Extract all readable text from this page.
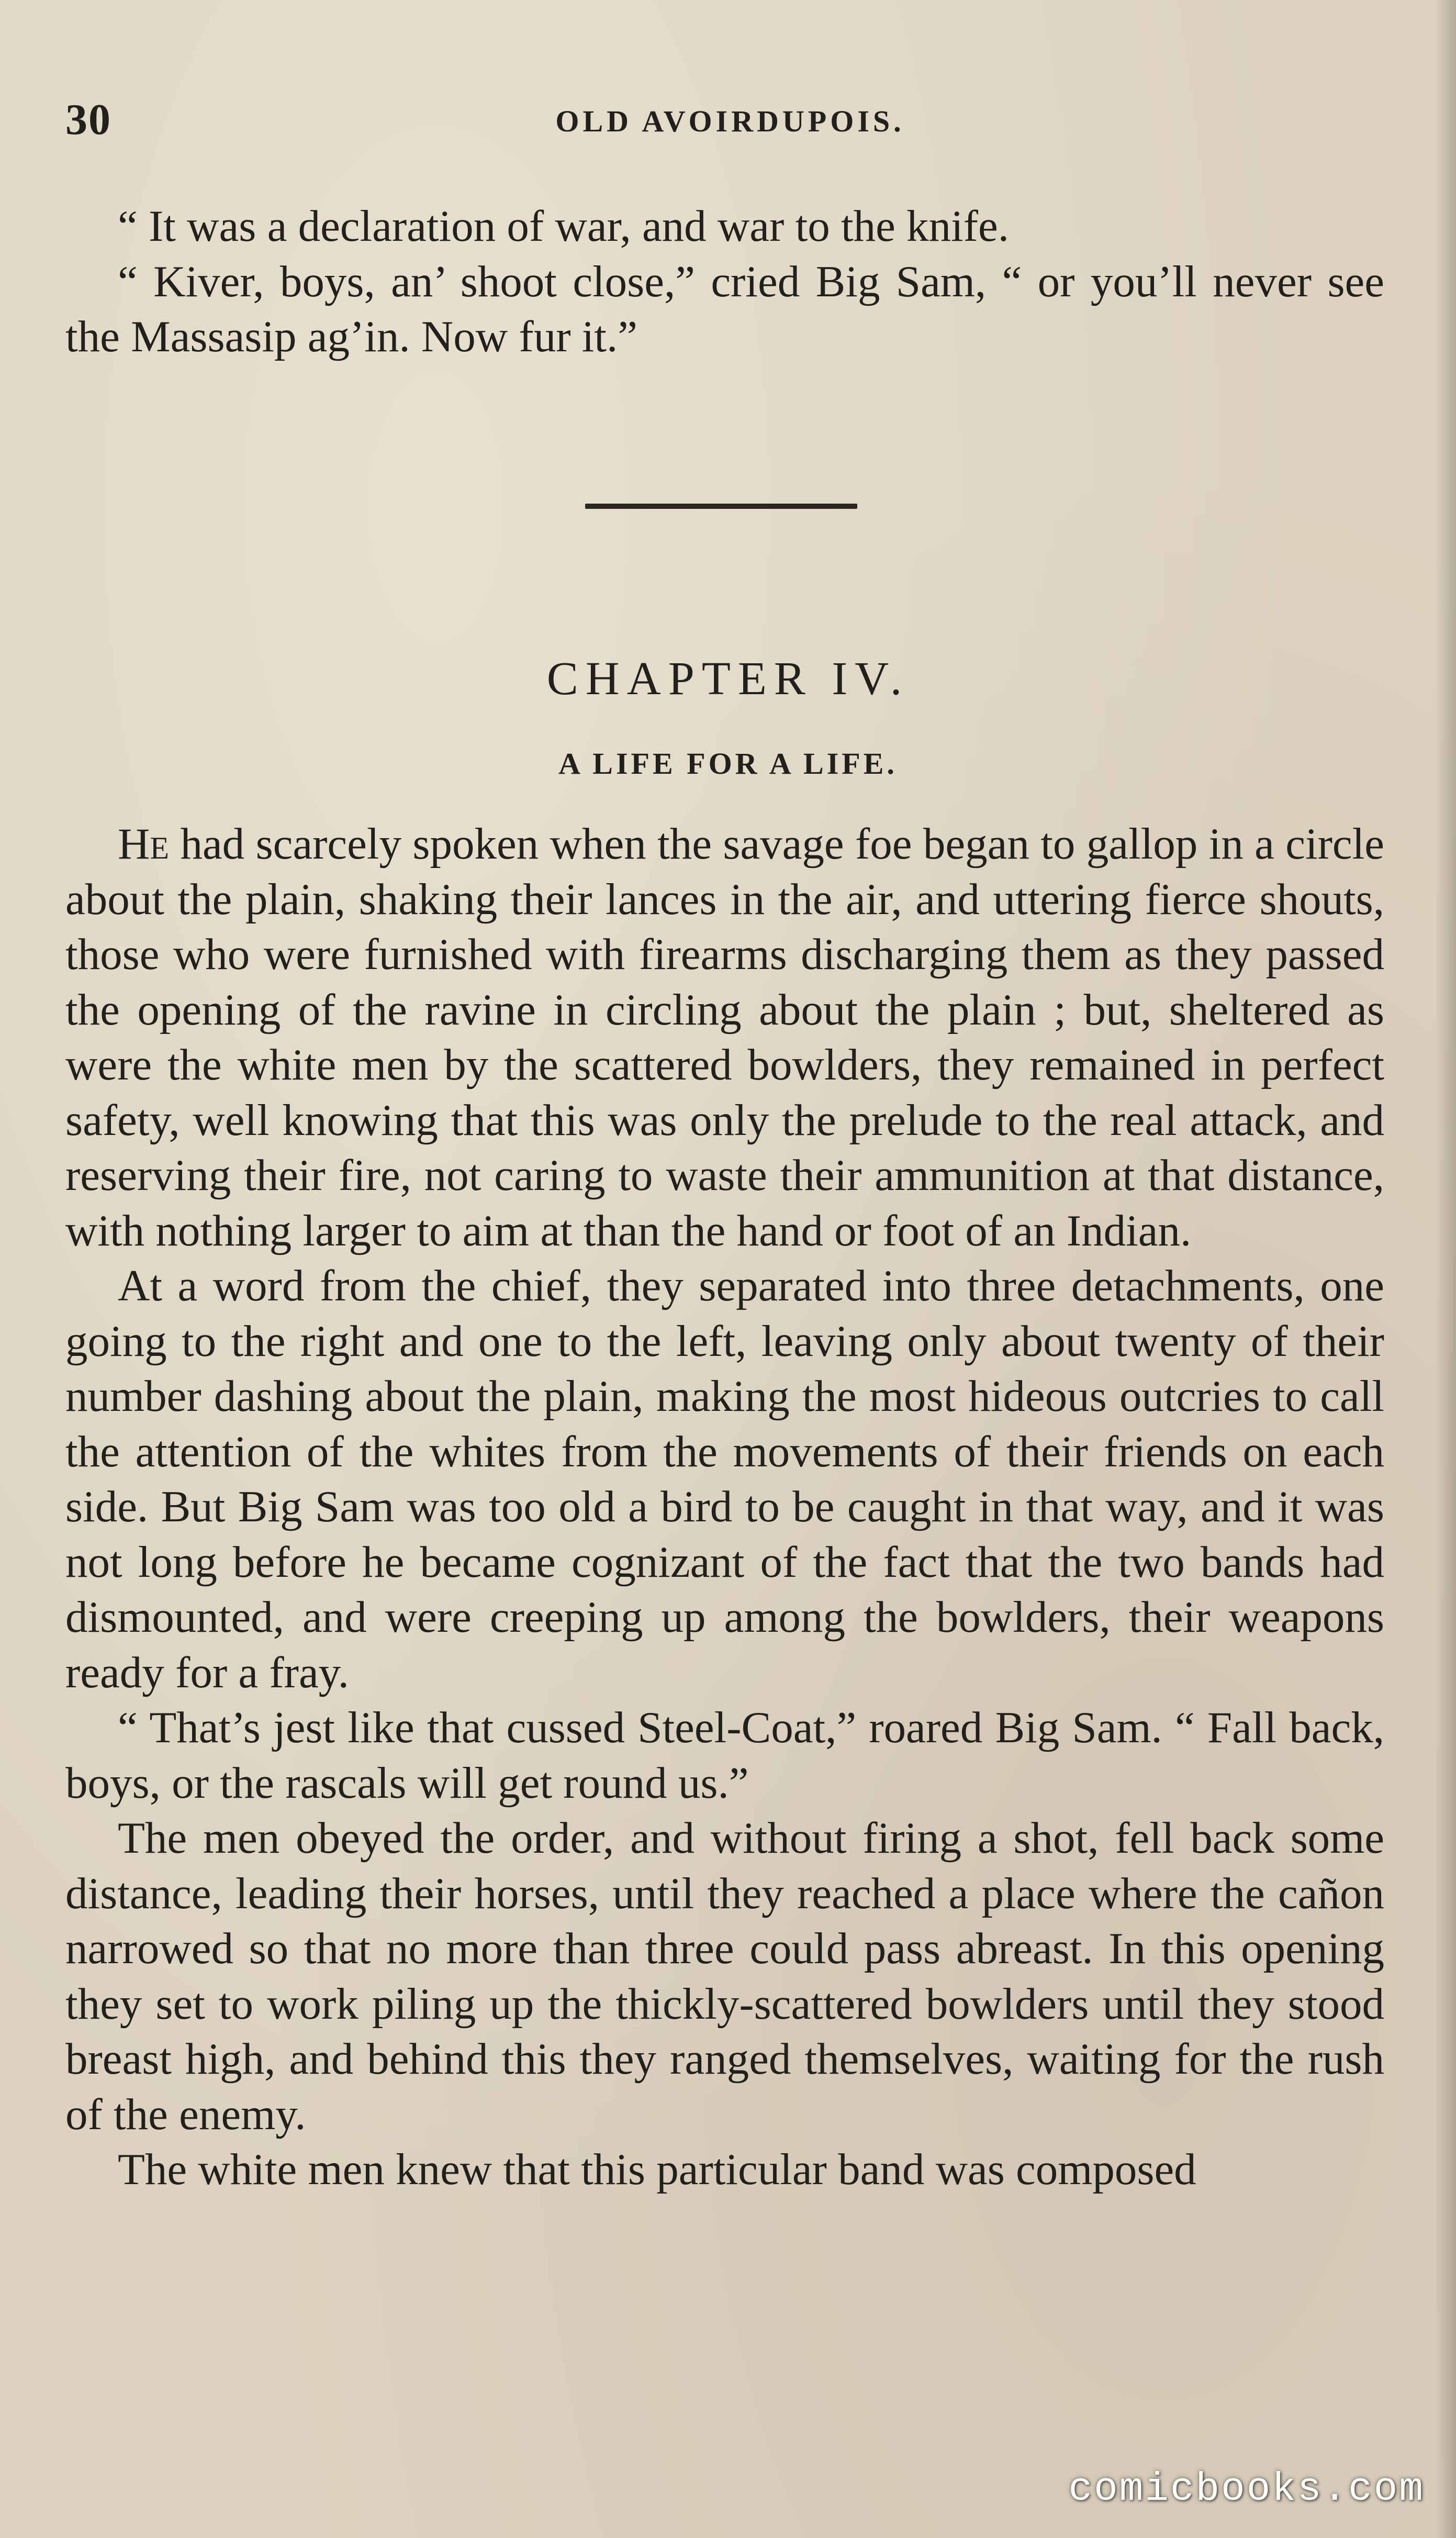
30	OLD AVOIRDUPOIS.

“ It was a declaration of war, and war to the knife.

“ Kiver, boys, an’ shoot close,” cried Big Sam, “ or you’ll never see the Massasip ag’in. Now fur it.”

CHAPTER IV.
A LIFE FOR A LIFE.

He had scarcely spoken when the savage foe began to gallop in a circle about the plain, shaking their lances in the air, and uttering fierce shouts, those who were furnished with firearms discharging them as they passed the opening of the ravine in circling about the plain ; but, sheltered as were the white men by the scattered bowlders, they remained in perfect safety, well knowing that this was only the prelude to the real attack, and reserving their fire, not caring to waste their ammunition at that distance, with nothing larger to aim at than the hand or foot of an Indian.

At a word from the chief, they separated into three detachments, one going to the right and one to the left, leaving only about twenty of their number dashing about the plain, making the most hideous outcries to call the attention of the whites from the movements of their friends on each side. But Big Sam was too old a bird to be caught in that way, and it was not long before he became cognizant of the fact that the two bands had dismounted, and were creeping up among the bowlders, their weapons ready for a fray.

“ That’s jest like that cussed Steel-Coat,” roared Big Sam. “ Fall back, boys, or the rascals will get round us.”

The men obeyed the order, and without firing a shot, fell back some distance, leading their horses, until they reached a place where the cañon narrowed so that no more than three could pass abreast. In this opening they set to work piling up the thickly-scattered bowlders until they stood breast high, and behind this they ranged themselves, waiting for the rush of the enemy.

The white men knew that this particular band was composed

comicbooks.com
